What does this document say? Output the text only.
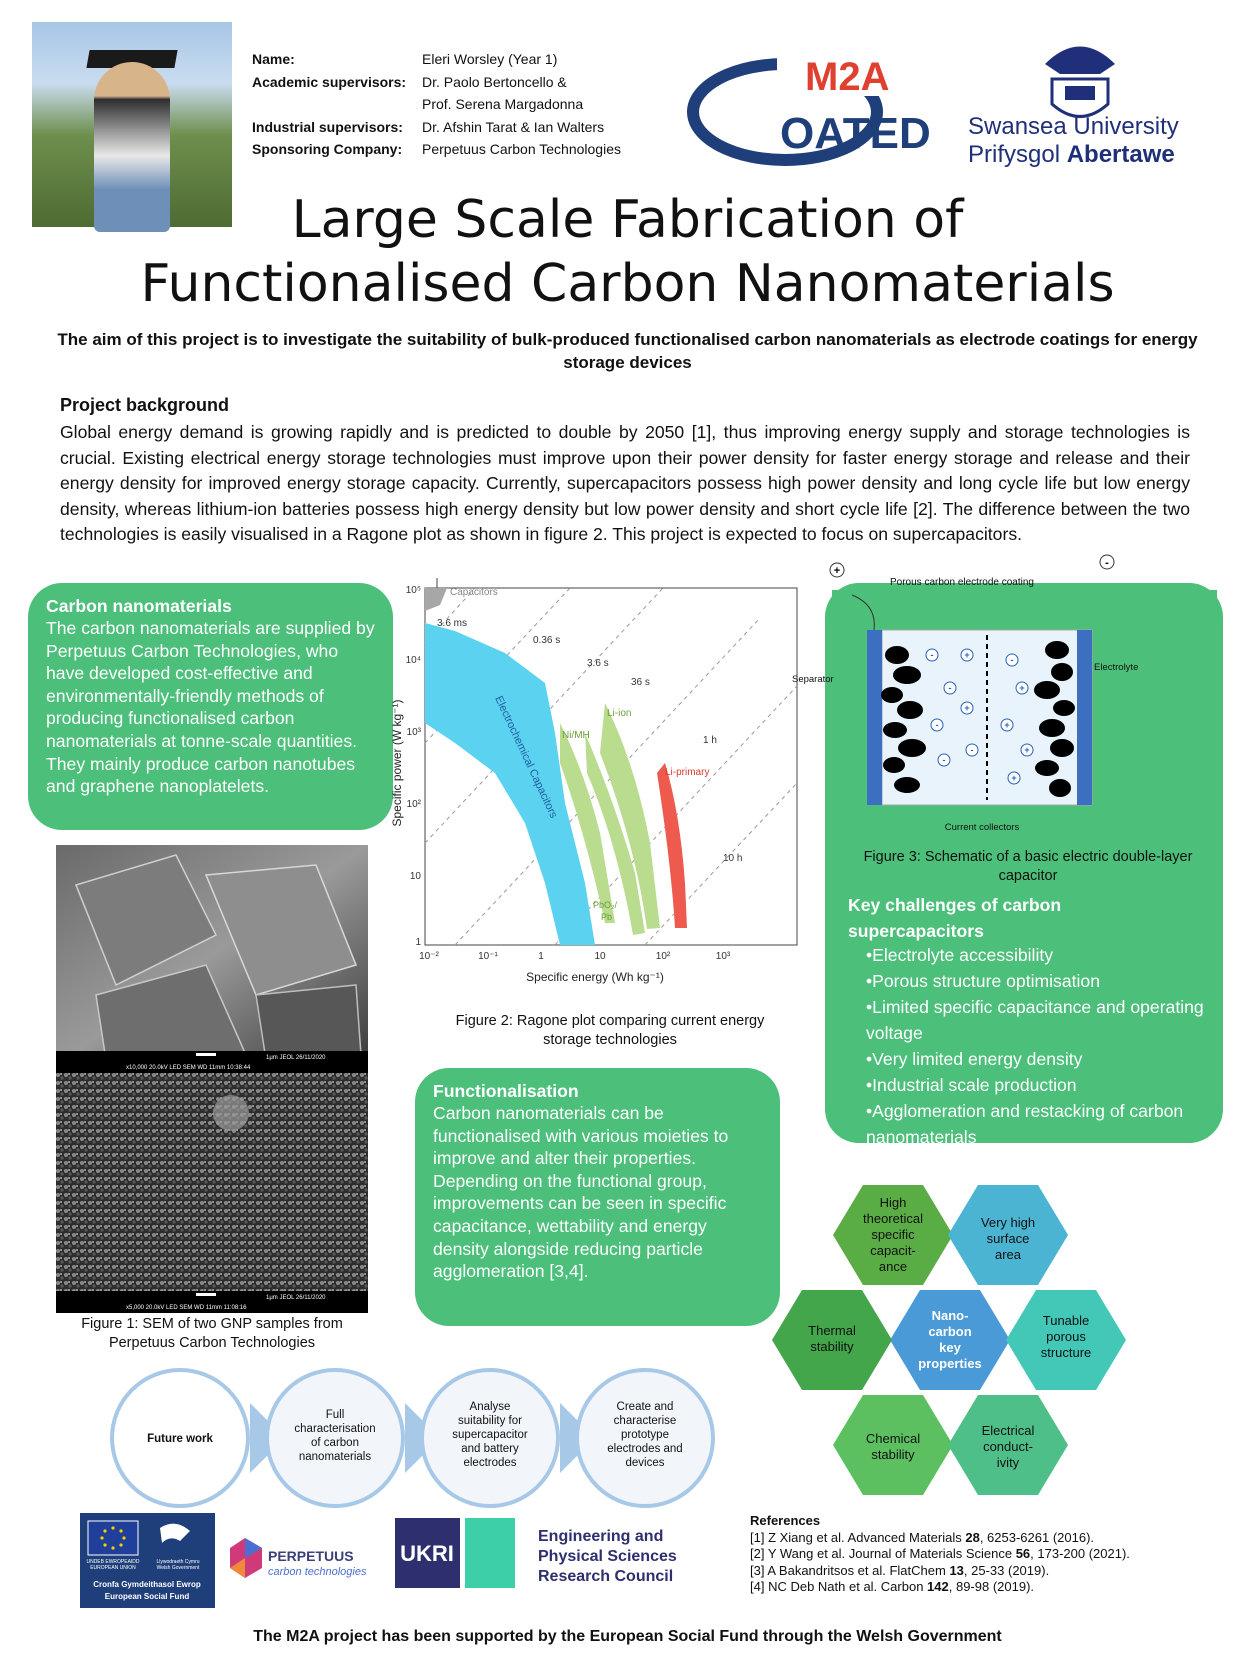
Name:	Eleri Worsley (Year 1)
Academic supervisors:	Dr. Paolo Bertoncello &
Prof. Serena Margadonna
Industrial supervisors:	Dr. Afshin Tarat & Ian Walters
Sponsoring Company:	Perpetuus Carbon Technologies
M2A
OATED Swansea University
Prifysgol Abertawe
Large Scale Fabrication of
Functionalised Carbon Nanomaterials
The aim of this project is to investigate the suitability of bulk-produced functionalised carbon nanomaterials as electrode coatings for energy storage devices
Project background
Global energy demand is growing rapidly and is predicted to double by 2050 [1], thus improving energy supply and storage technologies is crucial. Existing electrical energy storage technologies must improve upon their power density for faster energy storage and release and their energy density for improved energy storage capacity. Currently, supercapacitors possess high power density and long cycle life but low energy density, whereas lithium-ion batteries possess high energy density but low power density and short cycle life [2]. The difference between the two technologies is easily visualised in a Ragone plot as shown in figure 2. This project is expected to focus on supercapacitors.
Carbon nanomaterials

The carbon nanomaterials are supplied by Perpetuus Carbon Technologies, who have developed cost-effective and environmentally-friendly methods of producing functionalised carbon nanomaterials at tonne-scale quantities. They mainly produce carbon nanotubes and graphene nanoplatelets.

1μm JEOL 26/11/2020
x10,000 20.0kV LED SEM WD 11mm 10:38:44
1μm JEOL 26/11/2020
x5,000 20.0kV LED SEM WD 11mm 11:08:16
Figure 1: SEM of two GNP samples from Perpetuus Carbon Technologies
Capacitors
3.6 ms
0.36 s
3.6 s
36 s
1 h
10 h
Electrochemical Capacitors Ni/MH
Li-ion
Li-primary
PbO₂/
Pb
10⁵
10⁴
10³
10²
10
1
10⁻²	10⁻¹	1	10	10²	10³
Specific energy (Wh kg⁻¹)
Specific power (W kg⁻¹)
Figure 2: Ragone plot comparing current energy storage technologies
Functionalisation

Carbon nanomaterials can be functionalised with various moieties to improve and alter their properties. Depending on the functional group, improvements can be seen in specific capacitance, wettability and energy density alongside reducing particle agglomeration [3,4].

-
-
-
-
+
+
-
-
+
+
+
+
+
-
Porous carbon electrode coating
Separator
Electrolyte
Current collectors
Figure 3: Schematic of a basic electric double-layer capacitor
Key challenges of carbon
supercapacitors
•Electrolyte accessibility
•Porous structure optimisation
•Limited specific capacitance and operating voltage
•Very limited energy density
•Industrial scale production
•Agglomeration and restacking of carbon nanomaterials
High
theoretical
specific
capacit-
ance
Very high
surface
area
Nano-
carbon
key
properties
Tunable
porous
structure
Chemical
stability
Electrical
conduct-
ivity
Thermal
stability
Future work
Full
characterisation
of carbon
nanomaterials
Analyse
suitability for
supercapacitor
and battery
electrodes
Create and
characterise
prototype
electrodes and
devices
UNDEB EWROPEAIDD
EUROPEAN UNION
Llywodraeth Cymru
Welsh Government
Cronfa Gymdeithasol Ewrop
European Social Fund
PERPETUUS
carbon technologies
UKRI
Engineering and
Physical Sciences
Research Council
References
[1] Z Xiang et al. Advanced Materials 28, 6253-6261 (2016).
[2] Y Wang et al. Journal of Materials Science 56, 173-200 (2021).
[3] A Bakandritsos et al. FlatChem 13, 25-33 (2019).
[4] NC Deb Nath et al. Carbon 142, 89-98 (2019).
The M2A project has been supported by the European Social Fund through the Welsh Government
